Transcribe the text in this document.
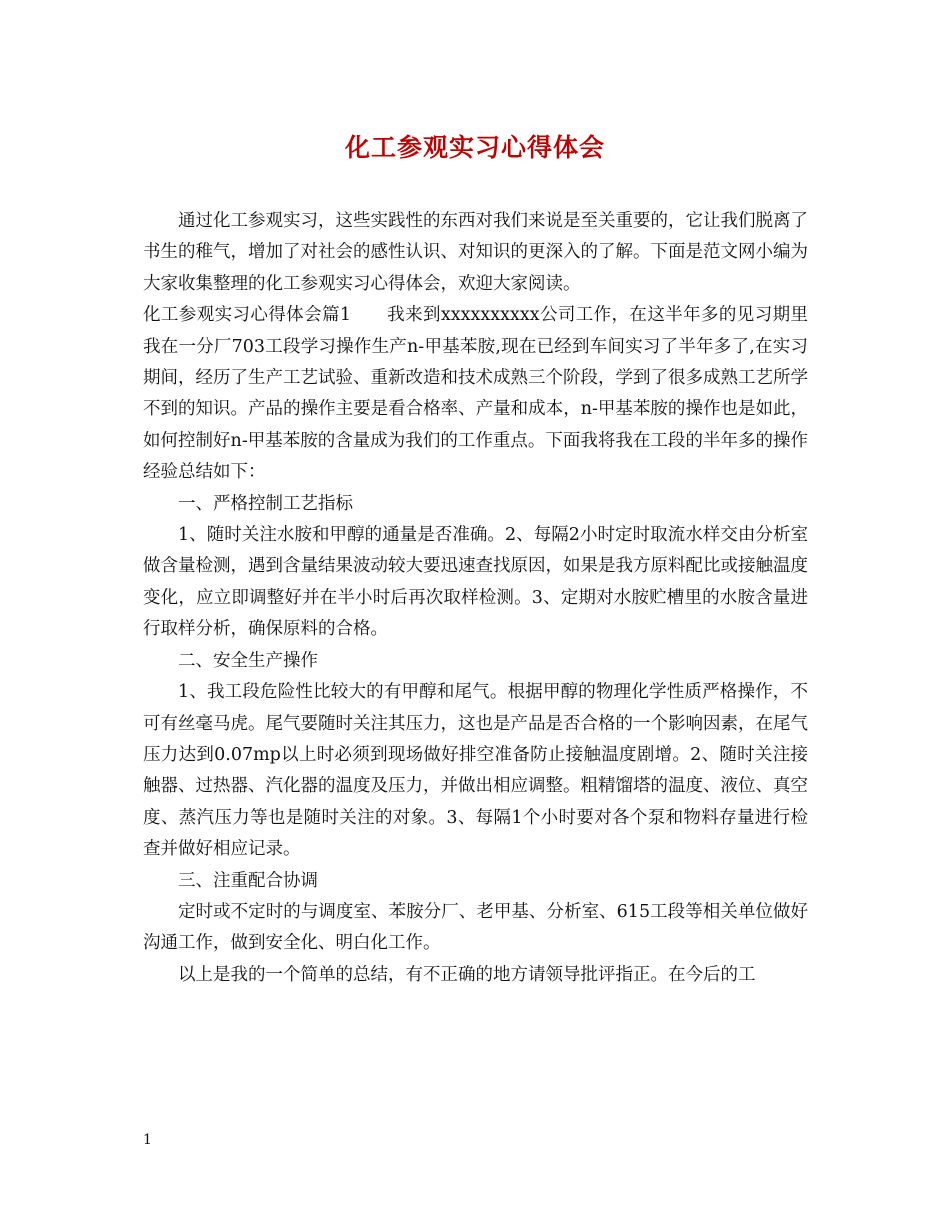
化工参观实习心得体会

通过化工参观实习，这些实践性的东西对我们来说是至关重要的，它让我们脱离了书生的稚气，增加了对社会的感性认识、对知识的更深入的了解。下面是范文网小编为大家收集整理的化工参观实习心得体会，欢迎大家阅读。

化工参观实习心得体会篇1　　我来到xxxxxxxxxx公司工作，在这半年多的见习期里我在一分厂703工段学习操作生产n-甲基苯胺,现在已经到车间实习了半年多了,在实习期间，经历了生产工艺试验、重新改造和技术成熟三个阶段，学到了很多成熟工艺所学不到的知识。产品的操作主要是看合格率、产量和成本，n-甲基苯胺的操作也是如此，如何控制好n-甲基苯胺的含量成为我们的工作重点。下面我将我在工段的半年多的操作经验总结如下：

一、严格控制工艺指标

1、随时关注水胺和甲醇的通量是否准确。2、每隔2小时定时取流水样交由分析室做含量检测，遇到含量结果波动较大要迅速查找原因，如果是我方原料配比或接触温度变化，应立即调整好并在半小时后再次取样检测。3、定期对水胺贮槽里的水胺含量进行取样分析，确保原料的合格。

二、安全生产操作

1、我工段危险性比较大的有甲醇和尾气。根据甲醇的物理化学性质严格操作，不可有丝毫马虎。尾气要随时关注其压力，这也是产品是否合格的一个影响因素，在尾气压力达到0.07mp以上时必须到现场做好排空准备防止接触温度剧增。2、随时关注接触器、过热器、汽化器的温度及压力，并做出相应调整。粗精馏塔的温度、液位、真空度、蒸汽压力等也是随时关注的对象。3、每隔1个小时要对各个泵和物料存量进行检查并做好相应记录。

三、注重配合协调

定时或不定时的与调度室、苯胺分厂、老甲基、分析室、615工段等相关单位做好沟通工作，做到安全化、明白化工作。

以上是我的一个简单的总结，有不正确的地方请领导批评指正。在今后的工

1
